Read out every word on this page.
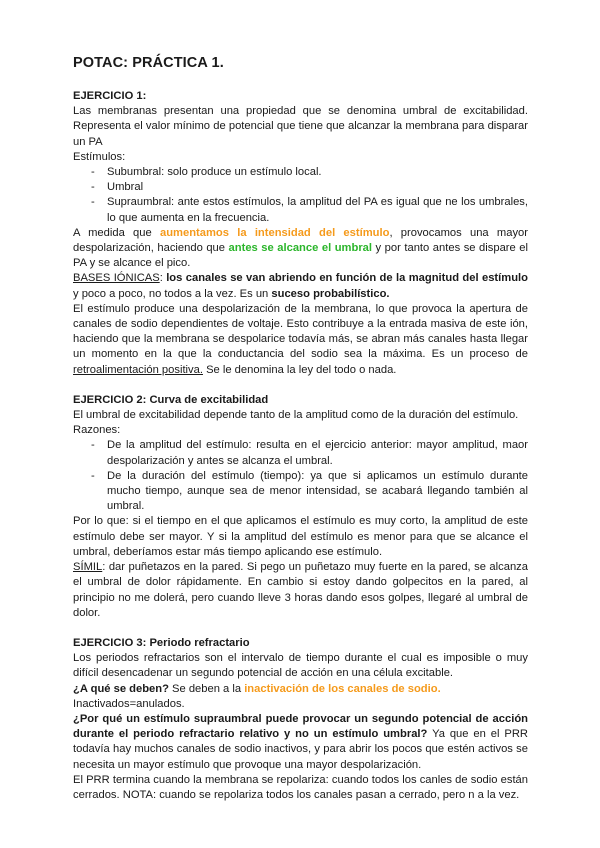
POTAC: PRÁCTICA 1.
EJERCICIO 1:

Las membranas presentan una propiedad que se denomina umbral de excitabilidad. Representa el valor mínimo de potencial que tiene que alcanzar la membrana para disparar un PA

Estímulos:

- Subumbral: solo produce un estímulo local.
- Umbral
- Supraumbral: ante estos estímulos, la amplitud del PA es igual que ne los umbrales, lo que aumenta en la frecuencia.

A medida que aumentamos la intensidad del estímulo, provocamos una mayor despolarización, haciendo que antes se alcance el umbral y por tanto antes se dispare el PA y se alcance el pico.

BASES IÓNICAS: los canales se van abriendo en función de la magnitud del estímulo y poco a poco, no todos a la vez. Es un suceso probabilístico.

El estímulo produce una despolarización de la membrana, lo que provoca la apertura de canales de sodio dependientes de voltaje. Esto contribuye a la entrada masiva de este ión, haciendo que la membrana se despolarice todavía más, se abran más canales hasta llegar un momento en la que la conductancia del sodio sea la máxima. Es un proceso de retroalimentación positiva. Se le denomina la ley del todo o nada.

EJERCICIO 2: Curva de excitabilidad

El umbral de excitabilidad depende tanto de la amplitud como de la duración del estímulo.

Razones:

- De la amplitud del estímulo: resulta en el ejercicio anterior: mayor amplitud, maor despolarización y antes se alcanza el umbral.
- De la duración del estímulo (tiempo): ya que si aplicamos un estímulo durante mucho tiempo, aunque sea de menor intensidad, se acabará llegando también al umbral.

Por lo que: si el tiempo en el que aplicamos el estímulo es muy corto, la amplitud de este estímulo debe ser mayor. Y si la amplitud del estímulo es menor para que se alcance el umbral, deberíamos estar más tiempo aplicando ese estímulo.

SÍMIL: dar puñetazos en la pared. Si pego un puñetazo muy fuerte en la pared, se alcanza el umbral de dolor rápidamente. En cambio si estoy dando golpecitos en la pared, al principio no me dolerá, pero cuando lleve 3 horas dando esos golpes, llegaré al umbral de dolor.

EJERCICIO 3: Periodo refractario

Los periodos refractarios son el intervalo de tiempo durante el cual es imposible o muy difícil desencadenar un segundo potencial de acción en una célula excitable.

¿A qué se deben? Se deben a la inactivación de los canales de sodio.
Inactivados=anulados.

¿Por qué un estímulo supraumbral puede provocar un segundo potencial de acción durante el periodo refractario relativo y no un estímulo umbral? Ya que en el PRR todavía hay muchos canales de sodio inactivos, y para abrir los pocos que estén activos se necesita un mayor estímulo que provoque una mayor despolarización.

El PRR termina cuando la membrana se repolariza: cuando todos los canles de sodio están cerrados. NOTA: cuando se repolariza todos los canales pasan a cerrado, pero n a la vez.
